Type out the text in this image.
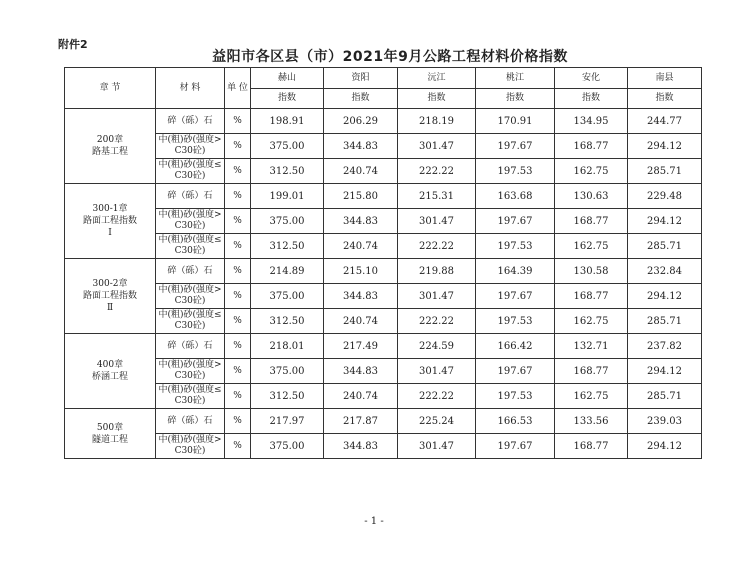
附件2
益阳市各区县（市）2021年9月公路工程材料价格指数
章 节	材 料	单 位	赫山	资阳	沅江	桃江	安化	南县
			指数	指数	指数	指数	指数	指数
200章
路基工程	碎（砾）石	%	198.91	206.29	218.19	170.91	134.95	244.77
	中(粗)砂(强度>
C30砼)	%	375.00	344.83	301.47	197.67	168.77	294.12
	中(粗)砂(强度≤
C30砼)	%	312.50	240.74	222.22	197.53	162.75	285.71
300-1章
路面工程指数
Ⅰ	碎（砾）石	%	199.01	215.80	215.31	163.68	130.63	229.48
	中(粗)砂(强度>
C30砼)	%	375.00	344.83	301.47	197.67	168.77	294.12
	中(粗)砂(强度≤
C30砼)	%	312.50	240.74	222.22	197.53	162.75	285.71
300-2章
路面工程指数
Ⅱ	碎（砾）石	%	214.89	215.10	219.88	164.39	130.58	232.84
	中(粗)砂(强度>
C30砼)	%	375.00	344.83	301.47	197.67	168.77	294.12
	中(粗)砂(强度≤
C30砼)	%	312.50	240.74	222.22	197.53	162.75	285.71
400章
桥涵工程	碎（砾）石	%	218.01	217.49	224.59	166.42	132.71	237.82
	中(粗)砂(强度>
C30砼)	%	375.00	344.83	301.47	197.67	168.77	294.12
	中(粗)砂(强度≤
C30砼)	%	312.50	240.74	222.22	197.53	162.75	285.71
500章
隧道工程	碎（砾）石	%	217.97	217.87	225.24	166.53	133.56	239.03
	中(粗)砂(强度>
C30砼)	%	375.00	344.83	301.47	197.67	168.77	294.12
- 1 -
